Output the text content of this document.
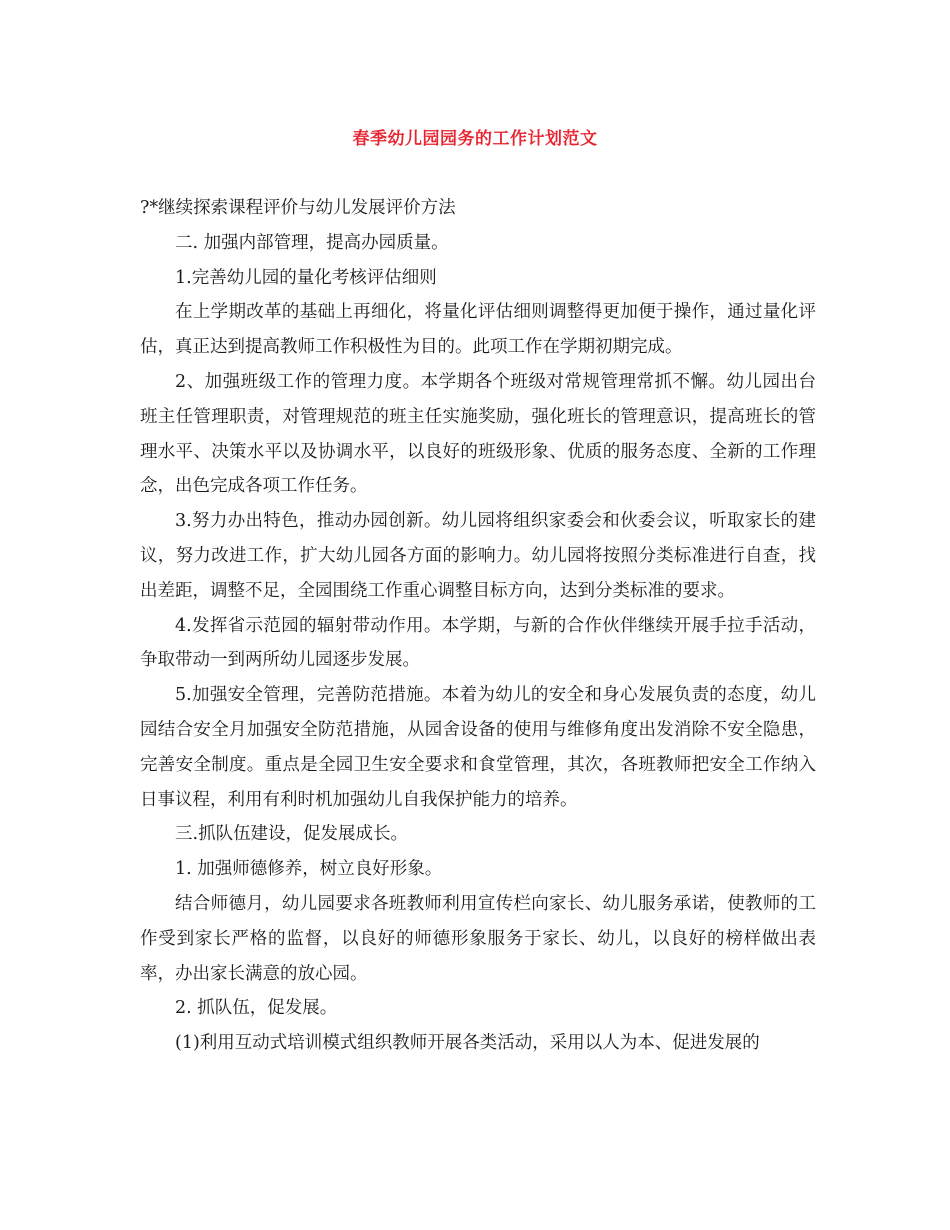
春季幼儿园园务的工作计划范文

?*继续探索课程评价与幼儿发展评价方法

二. 加强内部管理，提高办园质量。

1.完善幼儿园的量化考核评估细则

在上学期改革的基础上再细化，将量化评估细则调整得更加便于操作，通过量化评估，真正达到提高教师工作积极性为目的。此项工作在学期初期完成。

2、加强班级工作的管理力度。本学期各个班级对常规管理常抓不懈。幼儿园出台班主任管理职责，对管理规范的班主任实施奖励，强化班长的管理意识，提高班长的管理水平、决策水平以及协调水平，以良好的班级形象、优质的服务态度、全新的工作理念，出色完成各项工作任务。

3.努力办出特色，推动办园创新。幼儿园将组织家委会和伙委会议，听取家长的建议，努力改进工作，扩大幼儿园各方面的影响力。幼儿园将按照分类标准进行自查，找出差距，调整不足，全园围绕工作重心调整目标方向，达到分类标准的要求。

4.发挥省示范园的辐射带动作用。本学期，与新的合作伙伴继续开展手拉手活动，争取带动一到两所幼儿园逐步发展。

5.加强安全管理，完善防范措施。本着为幼儿的安全和身心发展负责的态度，幼儿园结合安全月加强安全防范措施，从园舍设备的使用与维修角度出发消除不安全隐患，完善安全制度。重点是全园卫生安全要求和食堂管理，其次，各班教师把安全工作纳入日事议程，利用有利时机加强幼儿自我保护能力的培养。

三.抓队伍建设，促发展成长。

1. 加强师德修养，树立良好形象。

结合师德月，幼儿园要求各班教师利用宣传栏向家长、幼儿服务承诺，使教师的工作受到家长严格的监督，以良好的师德形象服务于家长、幼儿，以良好的榜样做出表率，办出家长满意的放心园。

2. 抓队伍，促发展。

(1)利用互动式培训模式组织教师开展各类活动，采用以人为本、促进发展的
